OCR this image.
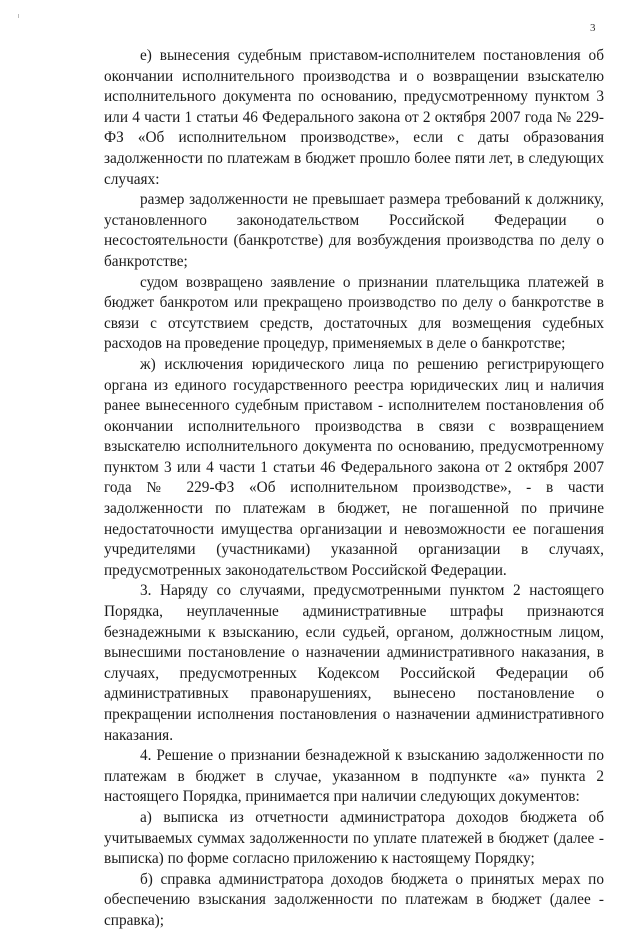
3

е) вынесения судебным приставом-исполнителем постановления об окончании исполнительного производства и о возвращении взыскателю исполнительного документа по основанию, предусмотренному пунктом 3 или 4 части 1 статьи 46 Федерального закона от 2 октября 2007 года № 229-ФЗ «Об исполнительном производстве», если с даты образования задолженности по платежам в бюджет прошло более пяти лет, в следующих случаях:

размер задолженности не превышает размера требований к должнику, установленного законодательством Российской Федерации о несостоятельности (банкротстве) для возбуждения производства по делу о банкротстве;

судом возвращено заявление о признании плательщика платежей в бюджет банкротом или прекращено производство по делу о банкротстве в связи с отсутствием средств, достаточных для возмещения судебных расходов на проведение процедур, применяемых в деле о банкротстве;

ж) исключения юридического лица по решению регистрирующего органа из единого государственного реестра юридических лиц и наличия ранее вынесенного судебным приставом - исполнителем постановления об окончании исполнительного производства в связи с возвращением взыскателю исполнительного документа по основанию, предусмотренному пунктом 3 или 4 части 1 статьи 46 Федерального закона от 2 октября 2007 года № 229-ФЗ «Об исполнительном производстве», - в части задолженности по платежам в бюджет, не погашенной по причине недостаточности имущества организации и невозможности ее погашения учредителями (участниками) указанной организации в случаях, предусмотренных законодательством Российской Федерации.

3. Наряду со случаями, предусмотренными пунктом 2 настоящего Порядка, неуплаченные административные штрафы признаются безнадежными к взысканию, если судьей, органом, должностным лицом, вынесшими постановление о назначении административного наказания, в случаях, предусмотренных Кодексом Российской Федерации об административных правонарушениях, вынесено постановление о прекращении исполнения постановления о назначении административного наказания.

4. Решение о признании безнадежной к взысканию задолженности по платежам в бюджет в случае, указанном в подпункте «а» пункта 2 настоящего Порядка, принимается при наличии следующих документов:

а) выписка из отчетности администратора доходов бюджета об учитываемых суммах задолженности по уплате платежей в бюджет (далее - выписка) по форме согласно приложению к настоящему Порядку;

б) справка администратора доходов бюджета о принятых мерах по обеспечению взыскания задолженности по платежам в бюджет (далее - справка);
